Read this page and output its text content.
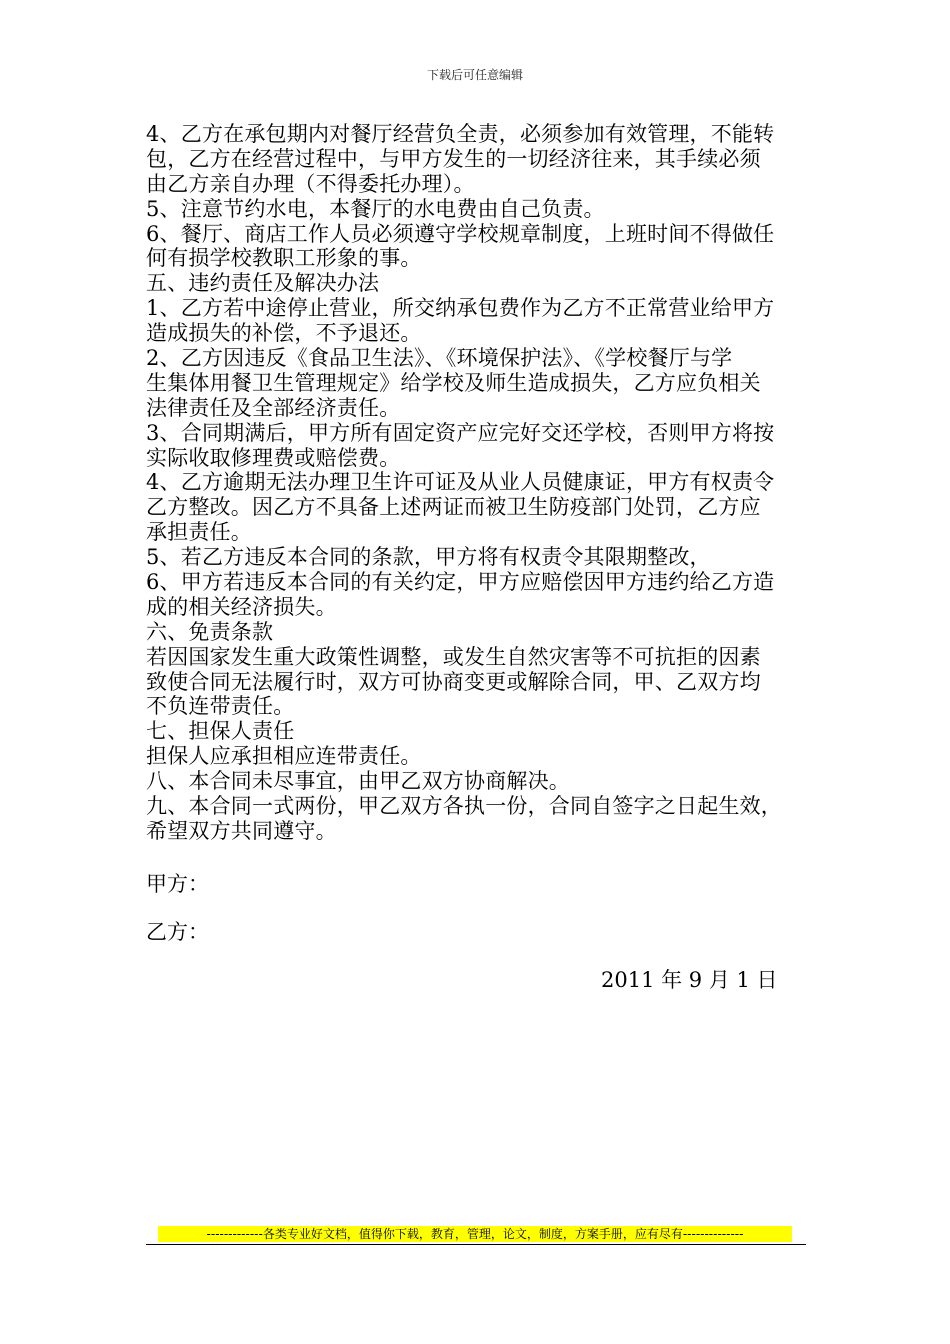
下载后可任意编辑
4、乙方在承包期内对餐厅经营负全责，必须参加有效管理，不能转
包，乙方在经营过程中，与甲方发生的一切经济往来，其手续必须
由乙方亲自办理（不得委托办理）。
5、注意节约水电，本餐厅的水电费由自己负责。
6、餐厅、商店工作人员必须遵守学校规章制度，上班时间不得做任
何有损学校教职工形象的事。
五、违约责任及解决办法
1、乙方若中途停止营业，所交纳承包费作为乙方不正常营业给甲方
造成损失的补偿，不予退还。
2、乙方因违反《食品卫生法》、《环境保护法》、《学校餐厅与学
生集体用餐卫生管理规定》给学校及师生造成损失，乙方应负相关
法律责任及全部经济责任。
3、合同期满后，甲方所有固定资产应完好交还学校，否则甲方将按
实际收取修理费或赔偿费。
4、乙方逾期无法办理卫生许可证及从业人员健康证，甲方有权责令
乙方整改。因乙方不具备上述两证而被卫生防疫部门处罚，乙方应
承担责任。
5、若乙方违反本合同的条款，甲方将有权责令其限期整改，
6、甲方若违反本合同的有关约定，甲方应赔偿因甲方违约给乙方造
成的相关经济损失。
六、免责条款
若因国家发生重大政策性调整，或发生自然灾害等不可抗拒的因素
致使合同无法履行时，双方可协商变更或解除合同，甲、乙双方均
不负连带责任。
七、担保人责任
担保人应承担相应连带责任。
八、本合同未尽事宜，由甲乙双方协商解决。
九、本合同一式两份，甲乙双方各执一份，合同自签字之日起生效，
希望双方共同遵守。
甲方：
乙方：
2011 年 9 月 1 日
-------------各类专业好文档，值得你下载，教育，管理，论文，制度，方案手册，应有尽有--------------
